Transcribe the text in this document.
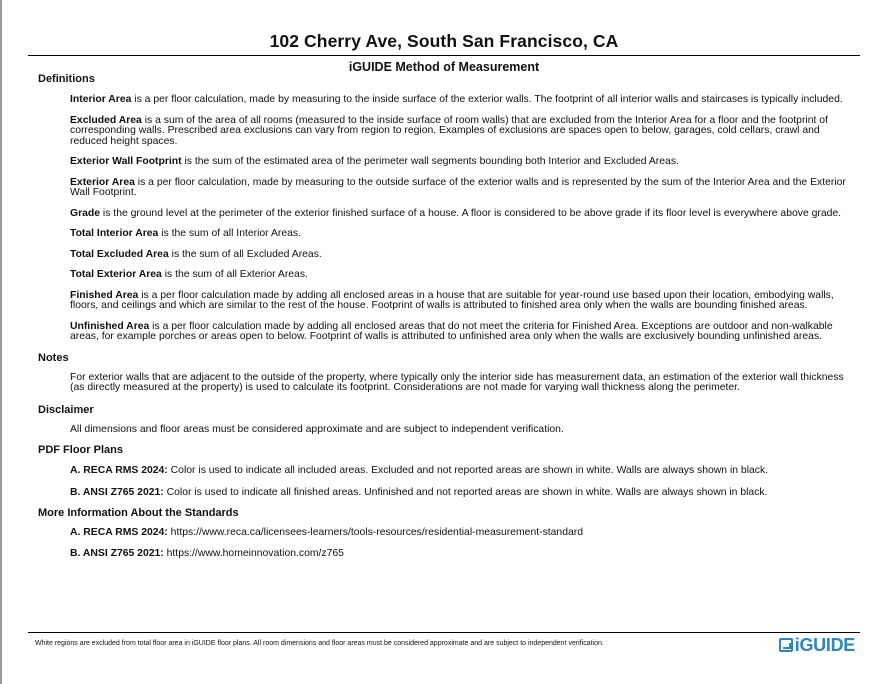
102 Cherry Ave, South San Francisco, CA
iGUIDE Method of Measurement
Definitions
Interior Area is a per floor calculation, made by measuring to the inside surface of the exterior walls. The footprint of all interior walls and staircases is typically included.
Excluded Area is a sum of the area of all rooms (measured to the inside surface of room walls) that are excluded from the Interior Area for a floor and the footprint of corresponding walls. Prescribed area exclusions can vary from region to region. Examples of exclusions are spaces open to below, garages, cold cellars, crawl and reduced height spaces.
Exterior Wall Footprint is the sum of the estimated area of the perimeter wall segments bounding both Interior and Excluded Areas.
Exterior Area is a per floor calculation, made by measuring to the outside surface of the exterior walls and is represented by the sum of the Interior Area and the Exterior Wall Footprint.
Grade is the ground level at the perimeter of the exterior finished surface of a house. A floor is considered to be above grade if its floor level is everywhere above grade.
Total Interior Area is the sum of all Interior Areas.
Total Excluded Area is the sum of all Excluded Areas.
Total Exterior Area is the sum of all Exterior Areas.
Finished Area is a per floor calculation made by adding all enclosed areas in a house that are suitable for year-round use based upon their location, embodying walls, floors, and ceilings and which are similar to the rest of the house. Footprint of walls is attributed to finished area only when the walls are bounding finished areas.
Unfinished Area is a per floor calculation made by adding all enclosed areas that do not meet the criteria for Finished Area. Exceptions are outdoor and non-walkable areas, for example porches or areas open to below. Footprint of walls is attributed to unfinished area only when the walls are exclusively bounding unfinished areas.
Notes
For exterior walls that are adjacent to the outside of the property, where typically only the interior side has measurement data, an estimation of the exterior wall thickness (as directly measured at the property) is used to calculate its footprint. Considerations are not made for varying wall thickness along the perimeter.
Disclaimer
All dimensions and floor areas must be considered approximate and are subject to independent verification.
PDF Floor Plans
A. RECA RMS 2024: Color is used to indicate all included areas. Excluded and not reported areas are shown in white. Walls are always shown in black.
B. ANSI Z765 2021: Color is used to indicate all finished areas. Unfinished and not reported areas are shown in white. Walls are always shown in black.
More Information About the Standards
A. RECA RMS 2024: https://www.reca.ca/licensees-learners/tools-resources/residential-measurement-standard
B. ANSI Z765 2021: https://www.homeinnovation.com/z765
White regions are excluded from total floor area in iGUIDE floor plans. All room dimensions and floor areas must be considered approximate and are subject to independent verification.	iGUIDE
